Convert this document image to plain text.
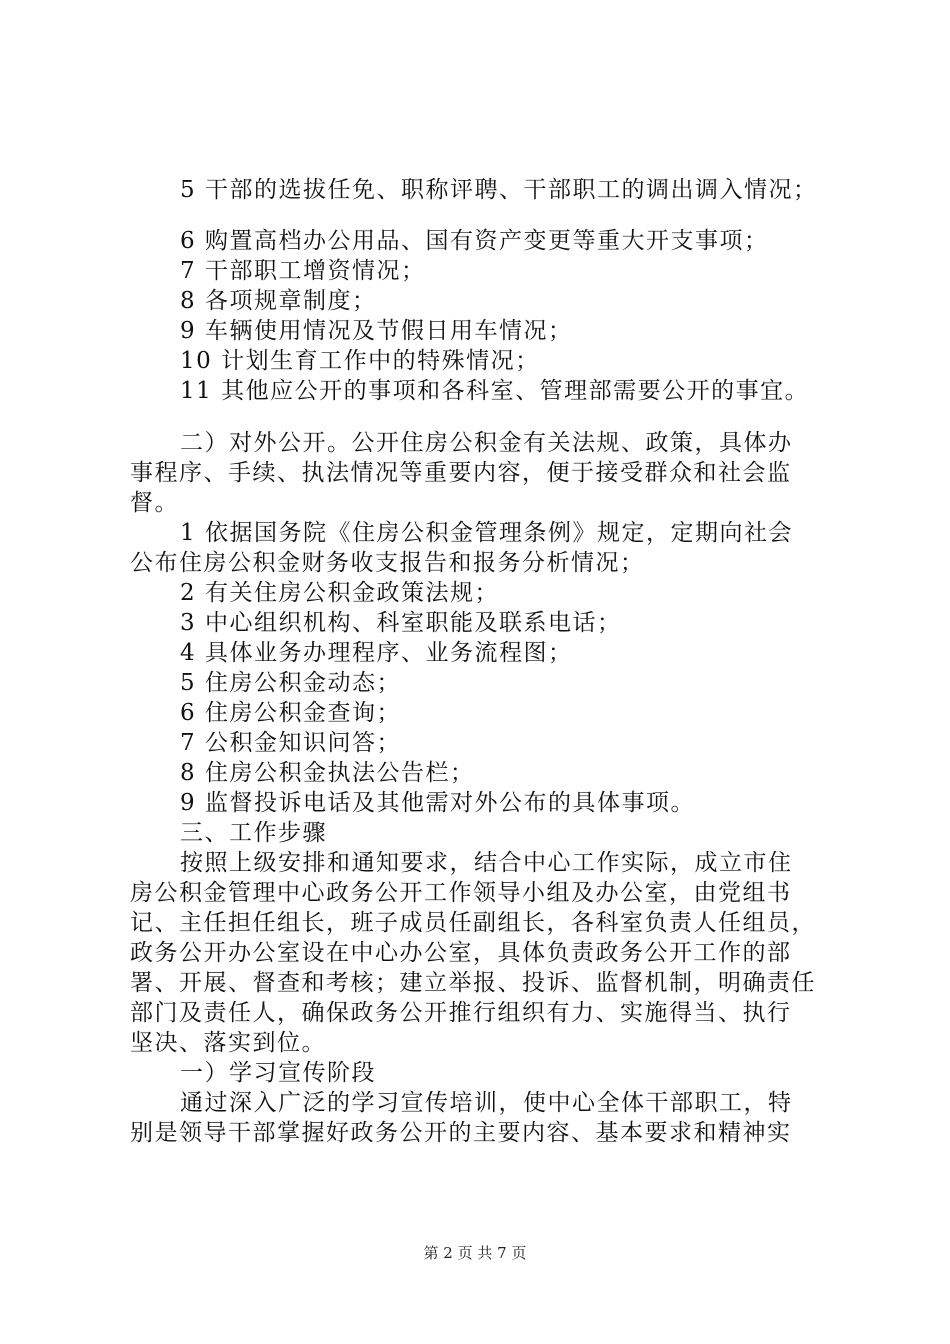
5 干部的选拔任免、职称评聘、干部职工的调出调入情况；
6 购置高档办公用品、国有资产变更等重大开支事项；
7 干部职工增资情况；
8 各项规章制度；
9 车辆使用情况及节假日用车情况；
10 计划生育工作中的特殊情况；
11 其他应公开的事项和各科室、管理部需要公开的事宜。
二）对外公开。公开住房公积金有关法规、政策，具体办
事程序、手续、执法情况等重要内容，便于接受群众和社会监
督。
1 依据国务院《住房公积金管理条例》规定，定期向社会
公布住房公积金财务收支报告和报务分析情况；
2 有关住房公积金政策法规；
3 中心组织机构、科室职能及联系电话；
4 具体业务办理程序、业务流程图；
5 住房公积金动态；
6 住房公积金查询；
7 公积金知识问答；
8 住房公积金执法公告栏；
9 监督投诉电话及其他需对外公布的具体事项。
三、工作步骤
按照上级安排和通知要求，结合中心工作实际，成立市住
房公积金管理中心政务公开工作领导小组及办公室，由党组书
记、主任担任组长，班子成员任副组长，各科室负责人任组员，
政务公开办公室设在中心办公室，具体负责政务公开工作的部
署、开展、督查和考核；建立举报、投诉、监督机制，明确责任
部门及责任人，确保政务公开推行组织有力、实施得当、执行
坚决、落实到位。
一）学习宣传阶段
通过深入广泛的学习宣传培训，使中心全体干部职工，特
别是领导干部掌握好政务公开的主要内容、基本要求和精神实
第 2 页 共 7 页
